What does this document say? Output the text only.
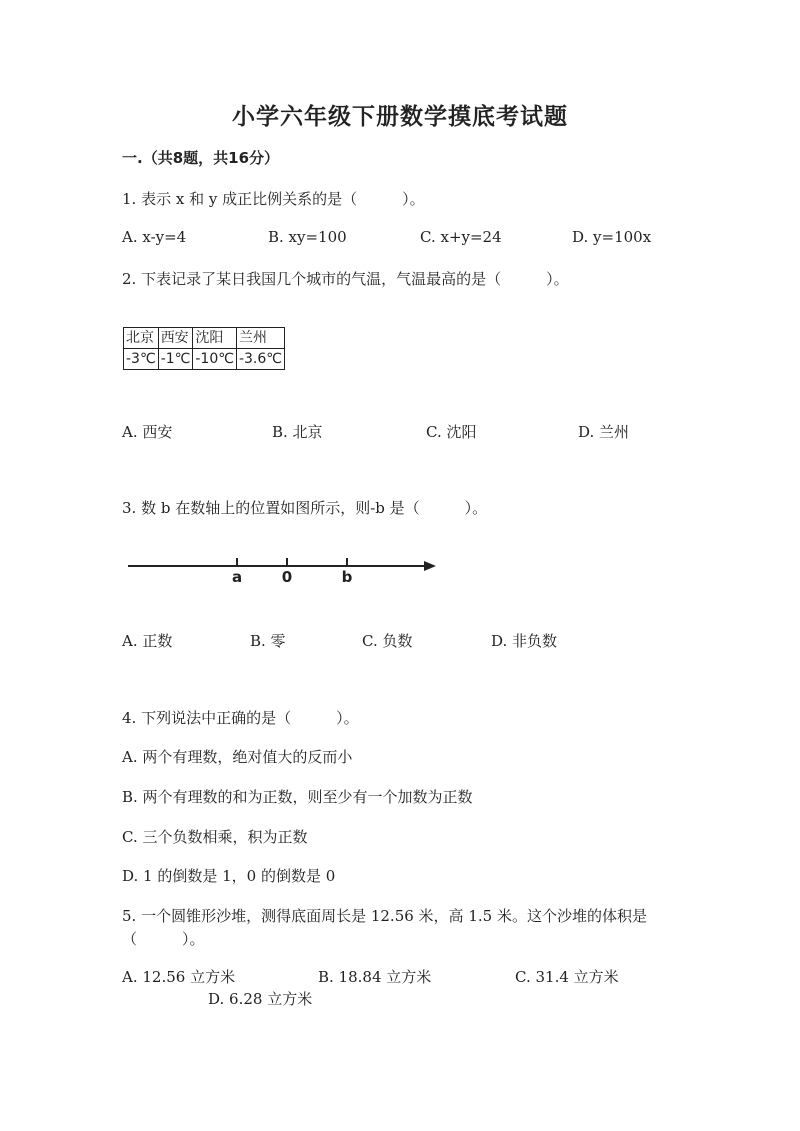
小学六年级下册数学摸底考试题
一.（共8题，共16分）
1. 表示 x 和 y 成正比例关系的是（　　　）。
A. x-y=4	B. xy=100	C. x+y=24	D. y=100x
2. 下表记录了某日我国几个城市的气温，气温最高的是（　　　）。
北京	西安	沈阳	兰州
-3℃	-1℃	-10℃	-3.6℃
A. 西安	B. 北京	C. 沈阳	D. 兰州
3. 数 b 在数轴上的位置如图所示，则-b 是（　　　）。
a	0	b
A. 正数	B. 零	C. 负数	D. 非负数
4. 下列说法中正确的是（　　　）。
A. 两个有理数，绝对值大的反而小
B. 两个有理数的和为正数，则至少有一个加数为正数
C. 三个负数相乘，积为正数
D. 1 的倒数是 1，0 的倒数是 0
5. 一个圆锥形沙堆，测得底面周长是 12.56 米，高 1.5 米。这个沙堆的体积是
（　　　）。
A. 12.56 立方米	B. 18.84 立方米	C. 31.4 立方米
D. 6.28 立方米
